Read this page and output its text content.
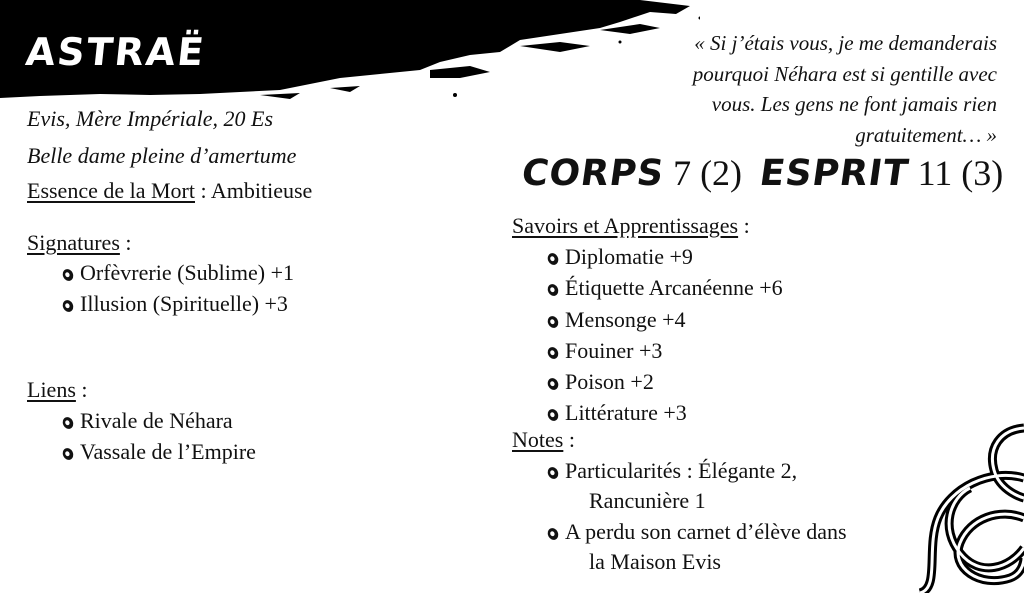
ASTRAË
Evis, Mère Impériale, 20 Es
Belle dame pleine d’amertume
Essence de la Mort : Ambitieuse
Signatures :
Orfèvrerie (Sublime) +1
Illusion (Spirituelle) +3
Liens :
Rivale de Néhara
Vassale de l’Empire
« Si j’étais vous, je me demanderais
pourquoi Néhara est si gentille avec
vous. Les gens ne font jamais rien
gratuitement… »
CORPS 7 (2) ESPRIT 11 (3)
Savoirs et Apprentissages :
Diplomatie +9
Étiquette Arcanéenne +6
Mensonge +4
Fouiner +3
Poison +2
Littérature +3
Notes :
Particularités : Élégante 2,
Rancunière 1
A perdu son carnet d’élève dans
la Maison Evis
